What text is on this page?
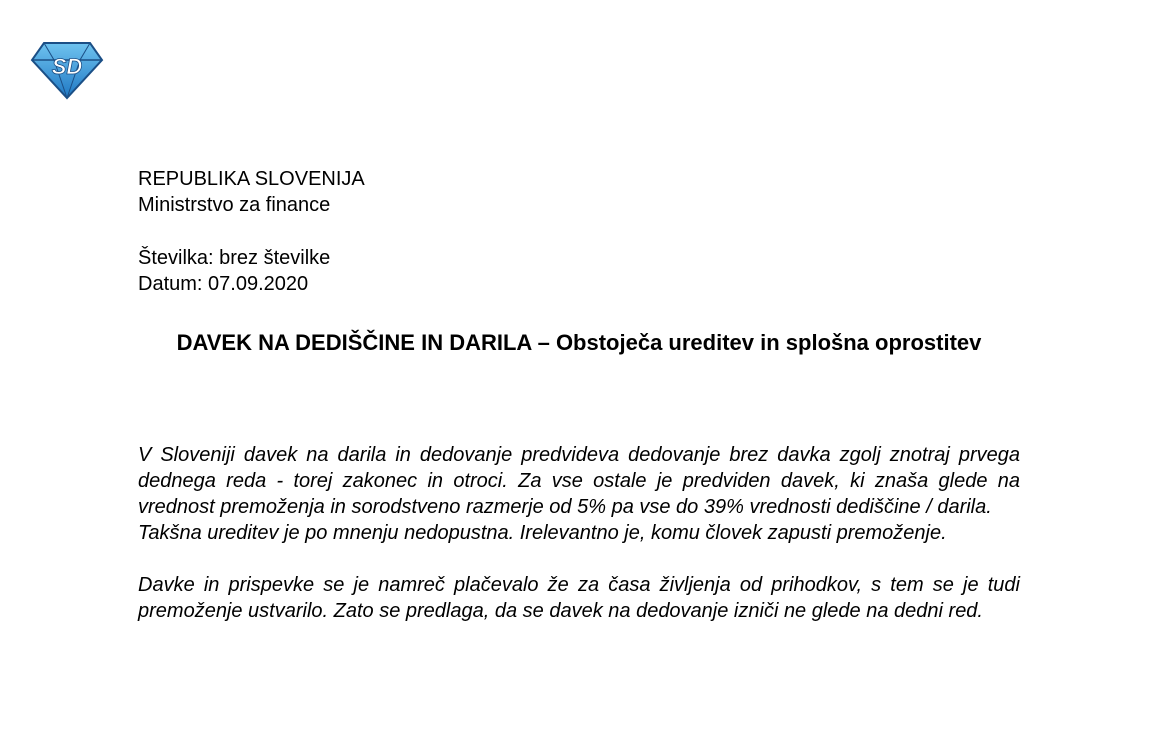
SD
REPUBLIKA SLOVENIJA
Ministrstvo za finance
Številka: brez številke
Datum: 07.09.2020
DAVEK NA DEDIŠČINE IN DARILA – Obstoječa ureditev in splošna oprostitev

V Sloveniji davek na darila in dedovanje predvideva dedovanje brez davka zgolj znotraj prvega dednega reda - torej zakonec in otroci. Za vse ostale je predviden davek, ki znaša glede na vrednost premoženja in sorodstveno razmerje od 5% pa vse do 39% vrednosti dediščine / darila.

Takšna ureditev je po mnenju nedopustna. Irelevantno je, komu človek zapusti premoženje.

Davke in prispevke se je namreč plačevalo že za časa življenja od prihodkov, s tem se je tudi premoženje ustvarilo. Zato se predlaga, da se davek na dedovanje izniči ne glede na dedni red.
